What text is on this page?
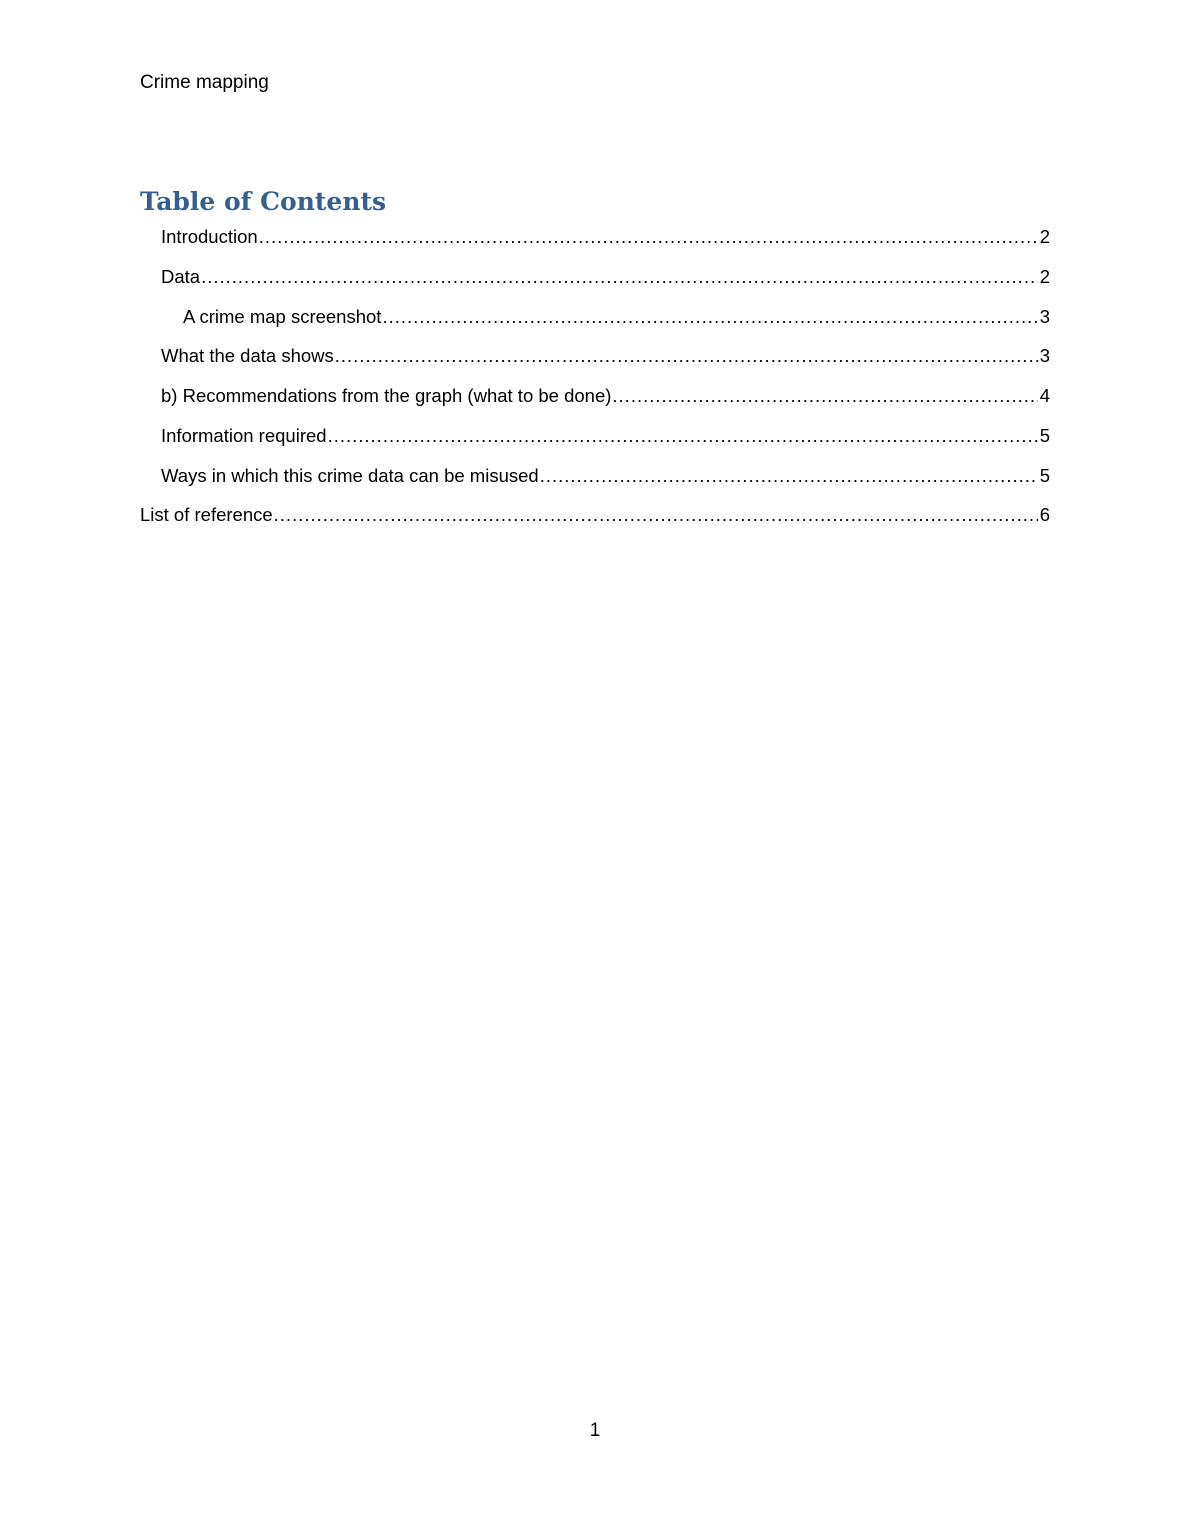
Crime mapping
Table of Contents
Introduction .....	2
Data .....	2
A crime map screenshot .....	3
What the data shows .....	3
b) Recommendations from the graph (what to be done) .....	4
Information required .....	5
Ways in which this crime data can be misused .....	5
List of reference .....	6
1
